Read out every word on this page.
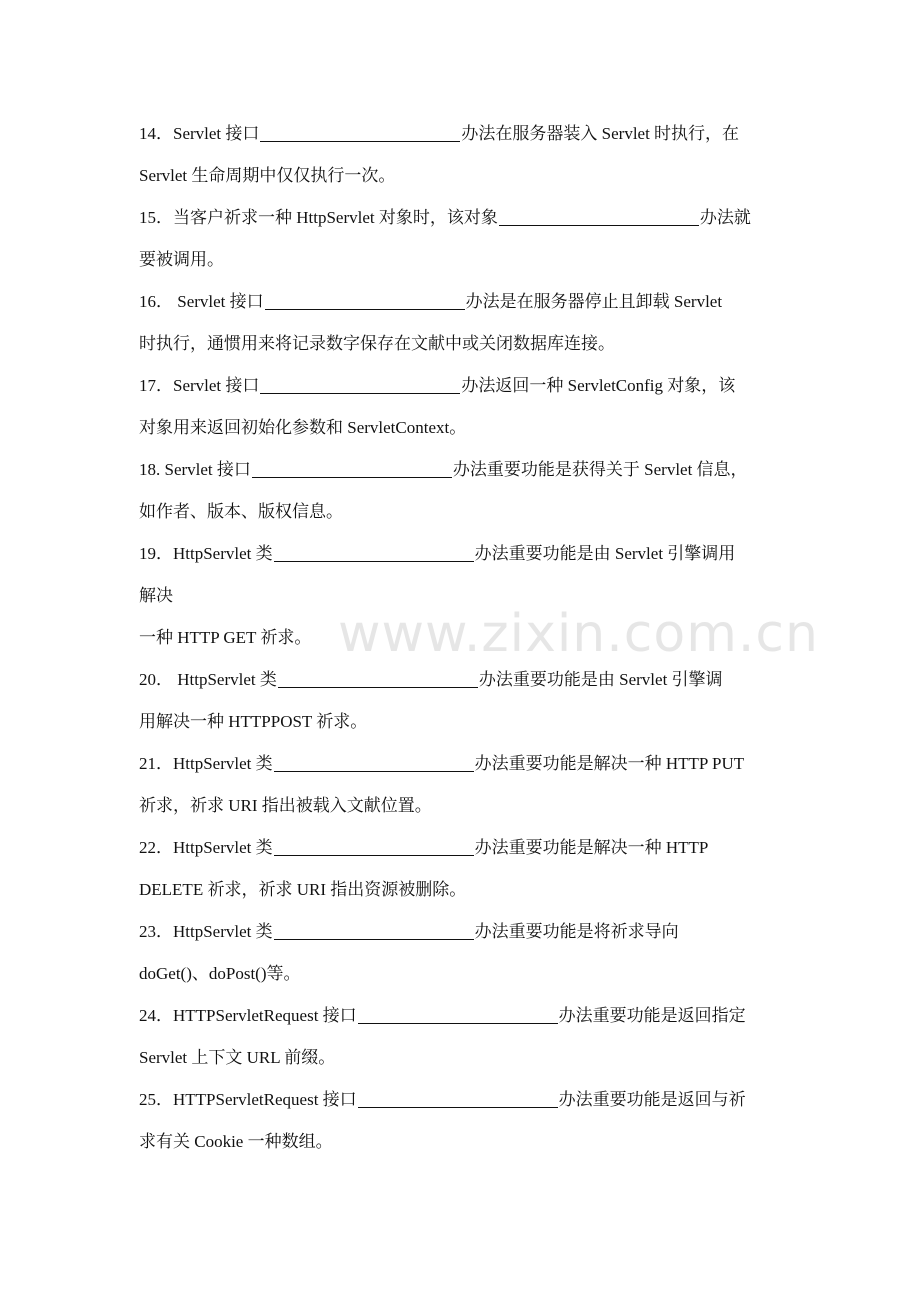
www.zixin.com.cn
14．Servlet 接口	办法在服务器装入 Servlet 时执行，在
Servlet 生命周期中仅仅执行一次。
15．当客户祈求一种 HttpServlet 对象时，该对象	办法就
要被调用。
16． Servlet 接口	办法是在服务器停止且卸载 Servlet
时执行，通惯用来将记录数字保存在文献中或关闭数据库连接。
17．Servlet 接口	办法返回一种 ServletConfig 对象，该
对象用来返回初始化参数和 ServletContext。
18. Servlet 接口	办法重要功能是获得关于 Servlet 信息，
如作者、版本、版权信息。
19．HttpServlet 类	办法重要功能是由 Servlet 引擎调用
解决
一种 HTTP GET 祈求。
20． HttpServlet 类	办法重要功能是由 Servlet 引擎调
用解决一种 HTTPPOST 祈求。
21．HttpServlet 类	办法重要功能是解决一种 HTTP PUT
祈求，祈求 URI 指出被载入文献位置。
22．HttpServlet 类	办法重要功能是解决一种 HTTP
DELETE 祈求，祈求 URI 指出资源被删除。
23．HttpServlet 类	办法重要功能是将祈求导向
doGet()、doPost()等。
24．HTTPServletRequest 接口	办法重要功能是返回指定
Servlet 上下文 URL 前缀。
25．HTTPServletRequest 接口	办法重要功能是返回与祈
求有关 Cookie 一种数组。
